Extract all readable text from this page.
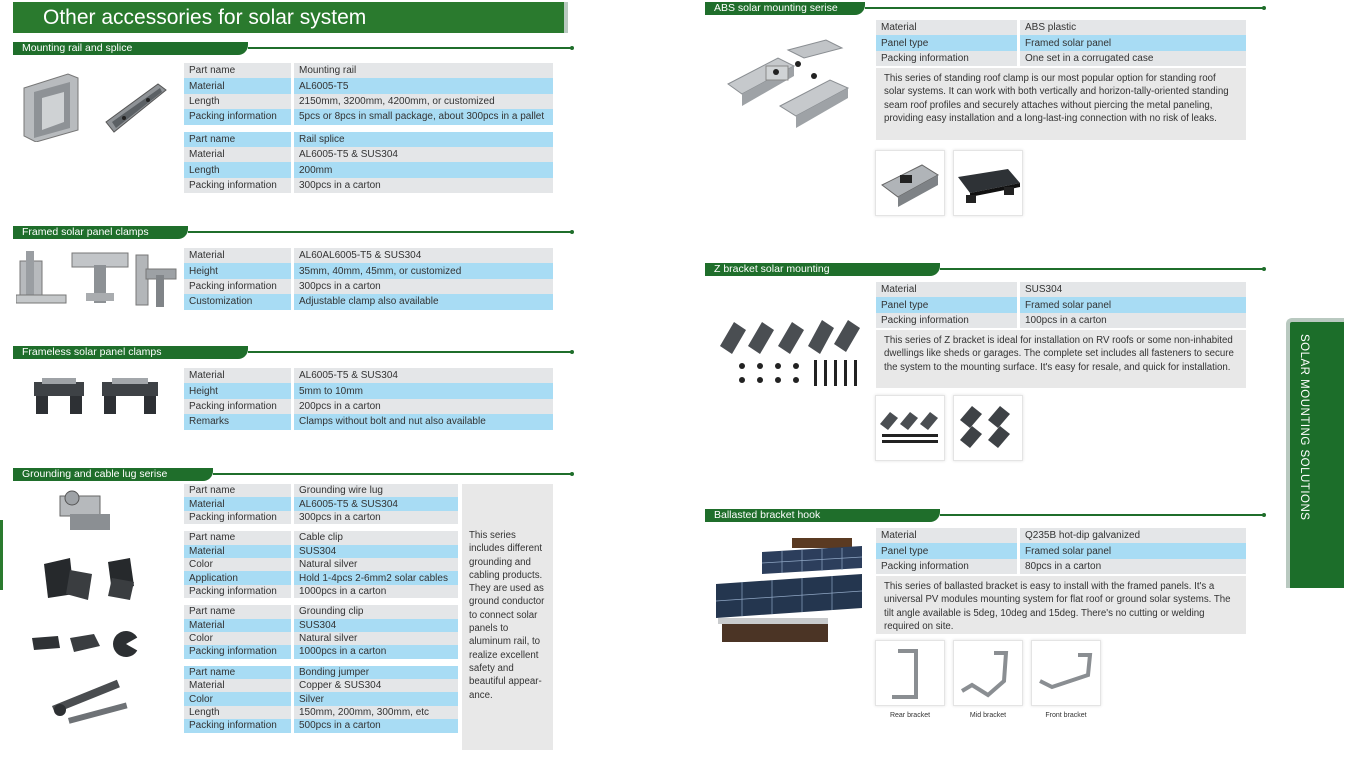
Other accessories for solar system
Mounting rail and splice
Part name	Mounting rail
Material	AL6005-T5
Length	2150mm, 3200mm, 4200mm, or customized
Packing information	5pcs or 8pcs in small package, about 300pcs in a pallet

Part name	Rail splice
Material	AL6005-T5 & SUS304
Length	200mm
Packing information	300pcs in a carton
Framed solar panel clamps
Material	AL60AL6005-T5 & SUS304
Height	35mm, 40mm, 45mm, or customized
Packing information	300pcs in a carton
Customization	Adjustable clamp also available
Frameless solar panel clamps
Material	AL6005-T5 & SUS304
Height	5mm to 10mm
Packing information	200pcs in a carton
Remarks	Clamps without bolt and nut also available
Grounding and cable lug serise
Part name	Grounding wire lug
Material	AL6005-T5 & SUS304
Packing information	300pcs in a carton

Part name	Cable clip
Material	SUS304
Color	Natural silver
Application	Hold 1-4pcs 2-6mm2 solar cables
Packing information	1000pcs in a carton

Part name	Grounding clip
Material	SUS304
Color	Natural silver
Packing information	1000pcs in a carton

Part name	Bonding jumper
Material	Copper & SUS304
Color	Silver
Length	150mm, 200mm, 300mm, etc
Packing information	500pcs in a carton
This series includes different grounding and cabling products. They are used as ground conductor to connect solar panels to aluminum rail, to realize excellent safety and beautiful appear-ance.
ABS solar mounting serise
Material	ABS plastic
Panel type	Framed solar panel
Packing information	One set in a corrugated case
This series of standing roof clamp is our most popular option for standing roof solar systems. It can work with both vertically and horizon-tally-oriented standing seam roof profiles and securely attaches without piercing the metal paneling, providing easy installation and a long-last-ing connection with no risk of leaks.
Z bracket solar mounting
Material	SUS304
Panel type	Framed solar panel
Packing information	100pcs in a carton
This series of Z bracket is ideal for installation on RV roofs or some non-inhabited dwellings like sheds or garages. The complete set includes all fasteners to secure the system to the mounting surface. It's easy for resale, and quick for installation.
Ballasted bracket hook
Material	Q235B hot-dip galvanized
Panel type	Framed solar panel
Packing information	80pcs in a carton
This series of ballasted bracket is easy to install with the framed panels. It's a universal PV modules mounting system for flat roof or ground solar systems. The tilt angle available is 5deg, 10deg and 15deg. There's no cutting or welding required on site.
Rear bracket	Mid bracket	Front bracket
SOLAR MOUNTING SOLUTIONS
